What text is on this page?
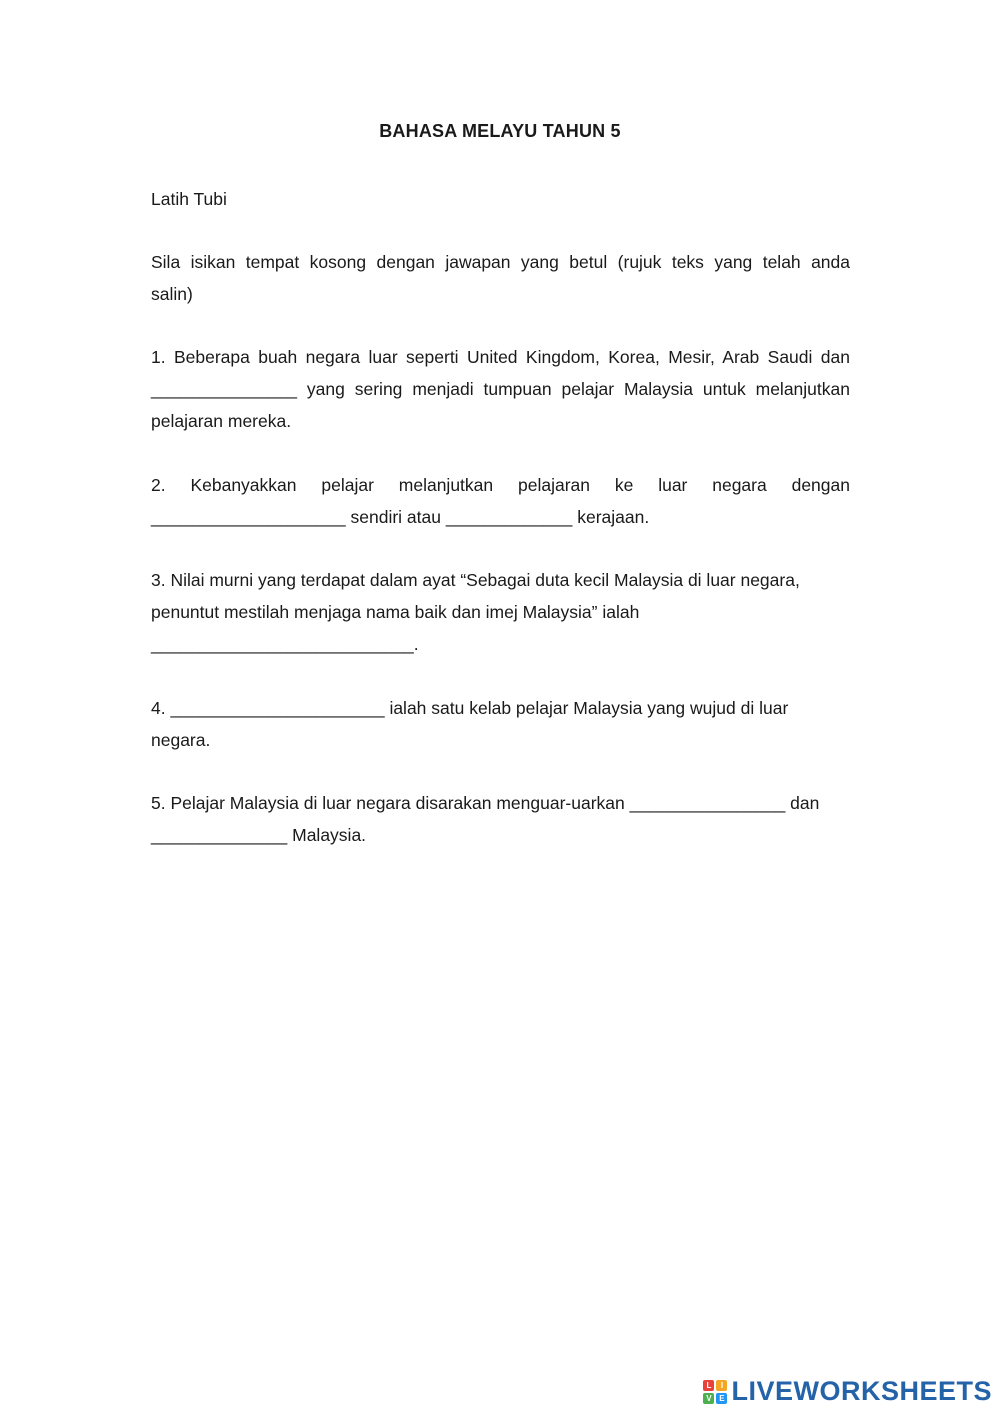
BAHASA MELAYU TAHUN 5
Latih Tubi
Sila isikan tempat kosong dengan jawapan yang betul (rujuk teks yang telah anda
salin)
1. Beberapa buah negara luar seperti United Kingdom, Korea, Mesir, Arab Saudi dan
_______________ yang sering menjadi tumpuan pelajar Malaysia untuk melanjutkan
pelajaran mereka.
2. Kebanyakkan pelajar melanjutkan pelajaran ke luar negara dengan
____________________ sendiri atau _____________ kerajaan.
3. Nilai murni yang terdapat dalam ayat “Sebagai duta kecil Malaysia di luar negara,
penuntut mestilah menjaga nama baik dan imej Malaysia” ialah
___________________________.
4. ______________________ ialah satu kelab pelajar Malaysia yang wujud di luar
negara.
5. Pelajar Malaysia di luar negara disarakan menguar-uarkan ________________ dan
______________ Malaysia.
L	I
V E LIVEWORKSHEETS
